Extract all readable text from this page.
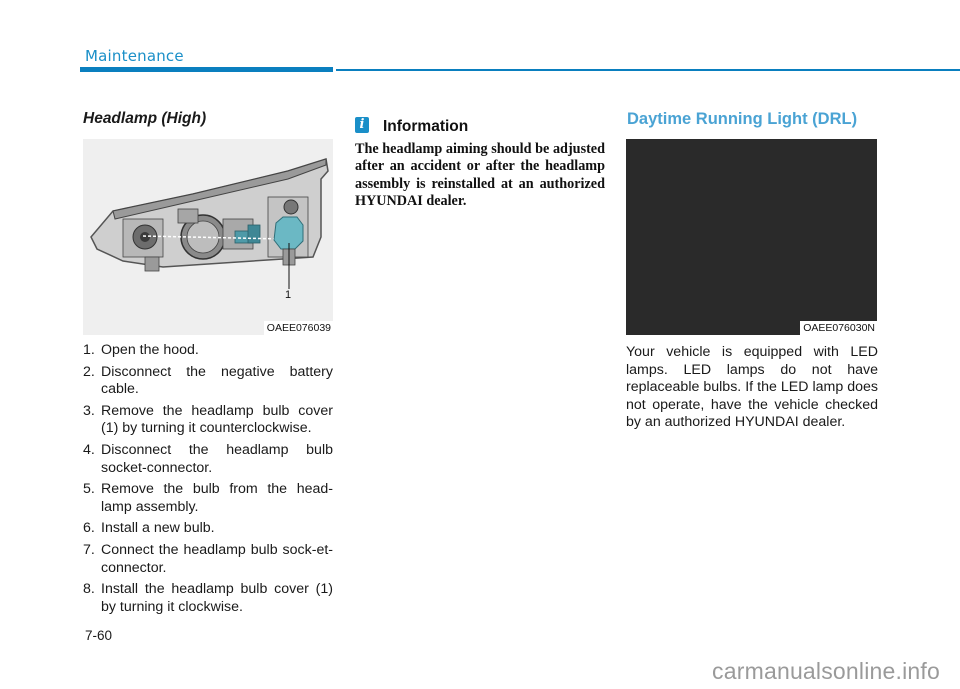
Maintenance
Headlamp (High)
1
OAEE076039
1. Open the hood.
2. Disconnect the negative battery cable.
3. Remove the headlamp bulb cover (1) by turning it counterclockwise.
4. Disconnect the headlamp bulb socket-connector.
5. Remove the bulb from the head-lamp assembly.
6. Install a new bulb.
7. Connect the headlamp bulb sock-et-connector.
8. Install the headlamp bulb cover (1) by turning it clockwise.
i Information
The headlamp aiming should be adjusted after an accident or after the headlamp assembly is reinstalled at an authorized HYUNDAI dealer.
Daytime Running Light (DRL)
OAEE076030N
Your vehicle is equipped with LED lamps. LED lamps do not have replaceable bulbs. If the LED lamp does not operate, have the vehicle checked by an authorized HYUNDAI dealer.
7-60
carmanualsonline.info
